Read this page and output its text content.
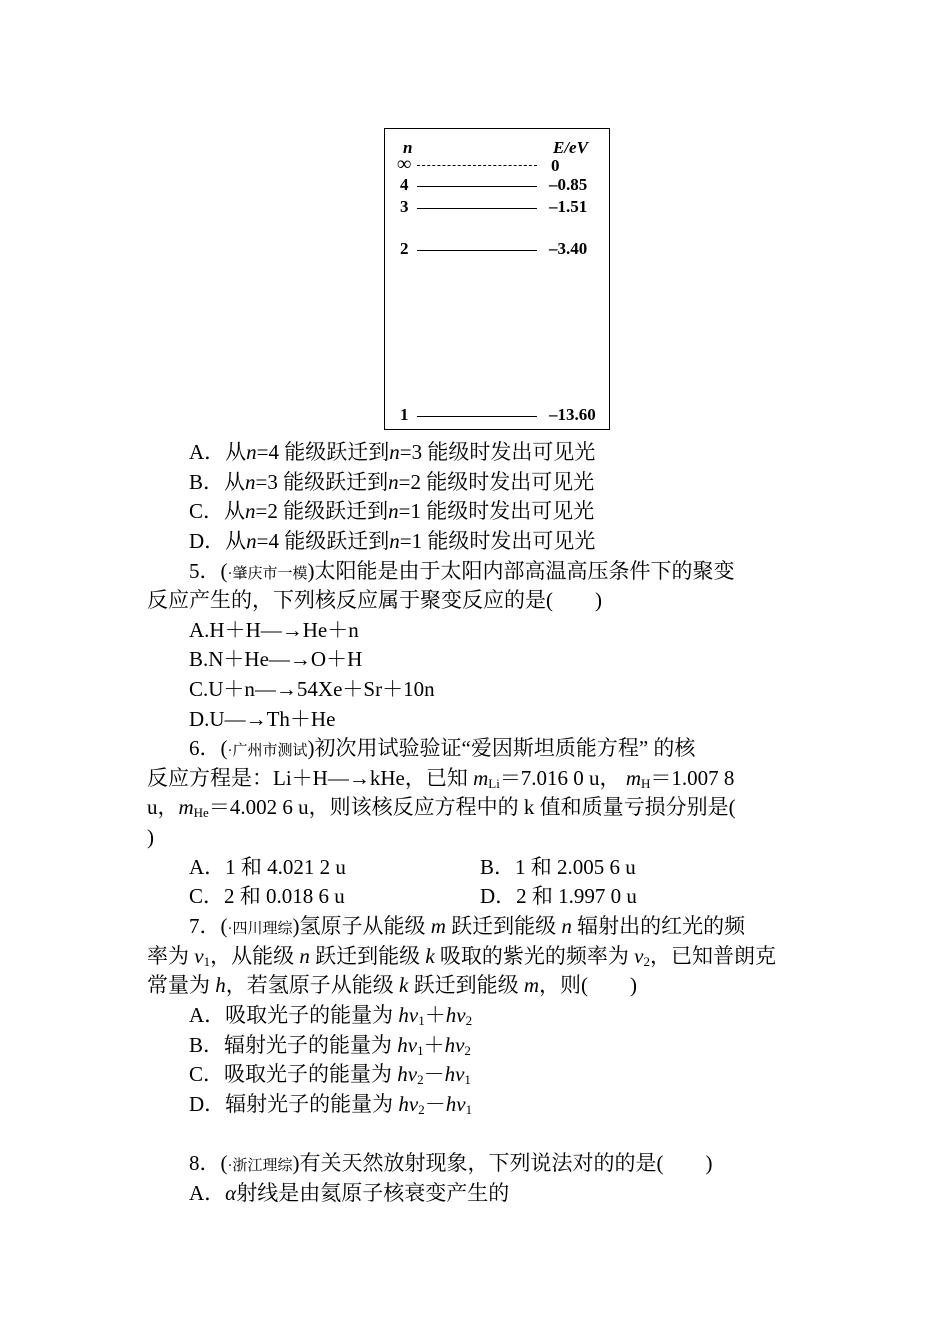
n	E/eV
∞	0
4	–0.85
3	–1.51
2	–3.40
1	–13.60
A．从n=4 能级跃迁到n=3 能级时发出可见光
B．从n=3 能级跃迁到n=2 能级时发出可见光
C．从n=2 能级跃迁到n=1 能级时发出可见光
D．从n=4 能级跃迁到n=1 能级时发出可见光
5．(·肇庆市一模)太阳能是由于太阳内部高温高压条件下的聚变
反应产生的，下列核反应属于聚变反应的是(　　)
A.H＋H―→He＋n
B.N＋He―→O＋H
C.U＋n―→54Xe＋Sr＋10n
D.U―→Th＋He
6．(·广州市测试)初次用试验验证“爱因斯坦质能方程” 的核
反应方程是：Li＋H―→kHe，已知 $m_{Li}=7.016$ 0 u， $m_H=1.007$ 8
u，$m_{He}=4.002$ 6 u，则该核反应方程中的 k 值和质量亏损分别是(
)
A．1 和 4.021 2 u	B．1 和 2.005 6 u
C．2 和 0.018 6 u	D．2 和 1.997 0 u
7．(·四川理综)氢原子从能级 m 跃迁到能级 n 辐射出的红光的频
率为 $v_1$，从能级 n 跃迁到能级 k 吸取的紫光的频率为 $v_2$，已知普朗克
常量为 h，若氢原子从能级 k 跃迁到能级 m，则(　　)
A．吸取光子的能量为 $hv_1+hv_2$
B．辐射光子的能量为 $hv_1+hv_2$
C．吸取光子的能量为 $hv_2-hv_1$
D．辐射光子的能量为 $hv_2-hv_1$
8．(·浙江理综)有关天然放射现象，下列说法对的的是(　　)
A．α射线是由氦原子核衰变产生的
